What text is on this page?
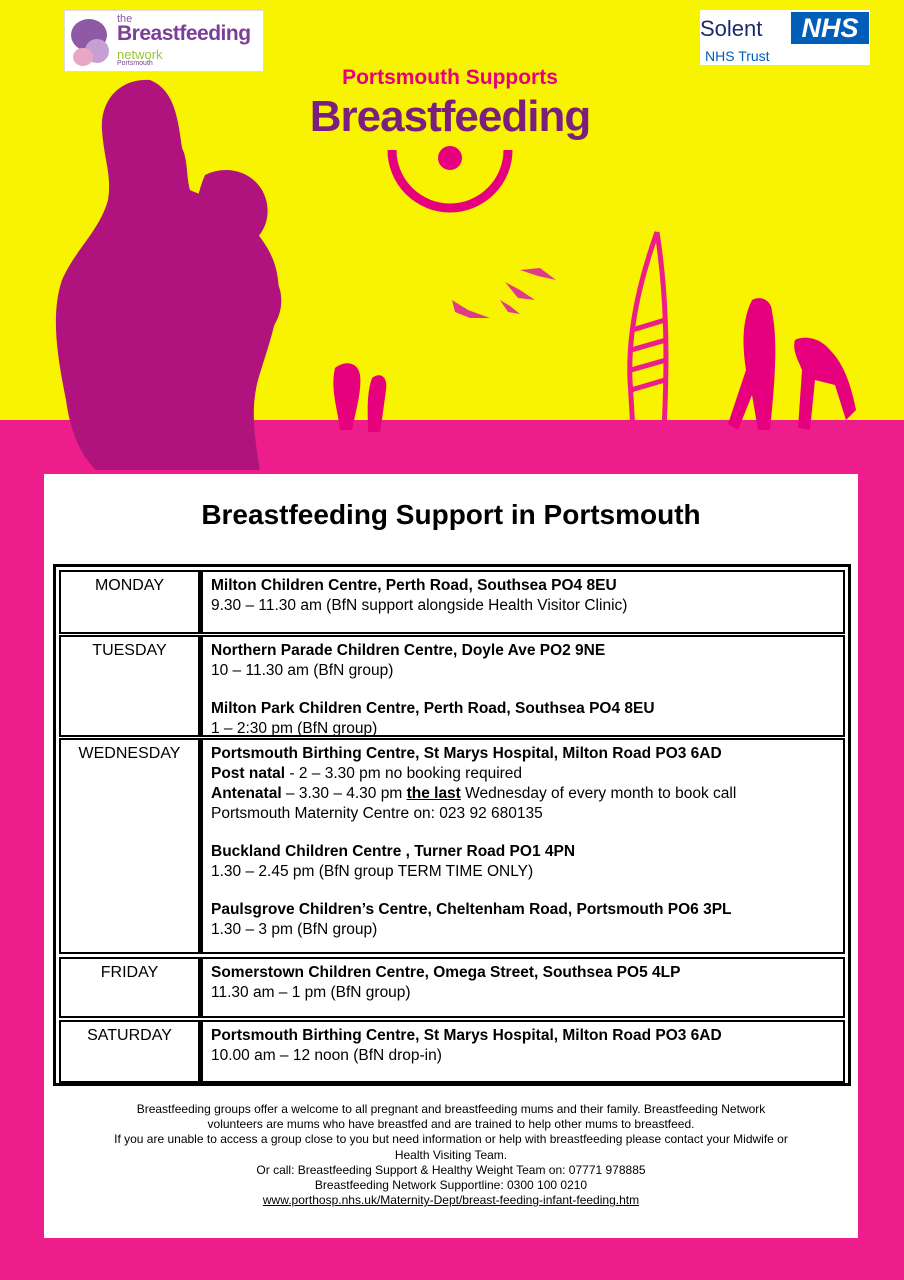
the
Breastfeeding
network
Portsmouth
Solent	NHS
NHS Trust
Portsmouth Supports
Breastfeeding
Breastfeeding Support in Portsmouth
MONDAY	Milton Children Centre, Perth Road, Southsea PO4 8EU
9.30 – 11.30 am (BfN support alongside Health Visitor Clinic)
TUESDAY	Northern Parade Children Centre, Doyle Ave PO2 9NE
10 – 11.30 am (BfN group)
Milton Park Children Centre, Perth Road, Southsea PO4 8EU
1 – 2:30 pm (BfN group)
WEDNESDAY	Portsmouth Birthing Centre, St Marys Hospital, Milton Road PO3 6AD
Post natal - 2 – 3.30 pm no booking required
Antenatal – 3.30 – 4.30 pm the last Wednesday of every month to book call
Portsmouth Maternity Centre on: 023 92 680135
Buckland Children Centre , Turner Road PO1 4PN
1.30 – 2.45 pm (BfN group TERM TIME ONLY)
Paulsgrove Children’s Centre, Cheltenham Road, Portsmouth PO6 3PL
1.30 – 3 pm (BfN group)
FRIDAY	Somerstown Children Centre, Omega Street, Southsea PO5 4LP
11.30 am – 1 pm (BfN group)
SATURDAY	Portsmouth Birthing Centre, St Marys Hospital, Milton Road PO3 6AD
10.00 am – 12 noon (BfN drop-in)
Breastfeeding groups offer a welcome to all pregnant and breastfeeding mums and their family. Breastfeeding Network
volunteers are mums who have breastfed and are trained to help other mums to breastfeed.
If you are unable to access a group close to you but need information or help with breastfeeding please contact your Midwife or
Health Visiting Team.
Or call: Breastfeeding Support & Healthy Weight Team on: 07771 978885
Breastfeeding Network Supportline: 0300 100 0210
www.porthosp.nhs.uk/Maternity-Dept/breast-feeding-infant-feeding.htm
